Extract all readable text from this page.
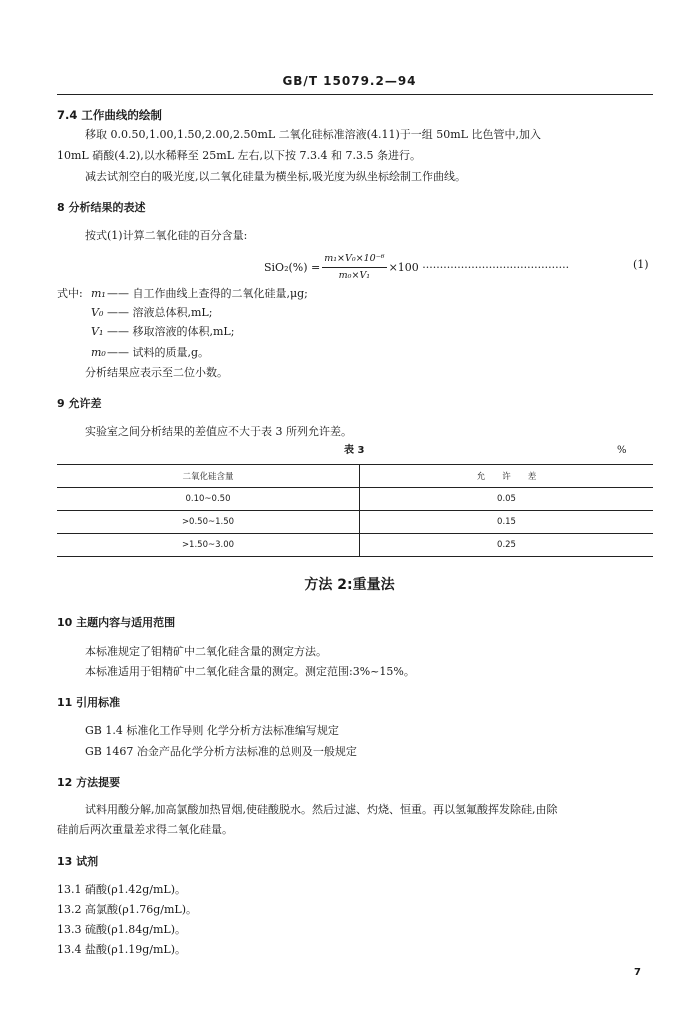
GB/T 15079.2—94
7.4 工作曲线的绘制
移取 0.0.50,1.00,1.50,2.00,2.50mL 二氧化硅标准溶液(4.11)于一组 50mL 比色管中,加入
10mL 硝酸(4.2),以水稀释至 25mL 左右,以下按 7.3.4 和 7.3.5 条进行。
减去试剂空白的吸光度,以二氧化硅量为横坐标,吸光度为纵坐标绘制工作曲线。
8 分析结果的表述
按式(1)计算二氧化硅的百分含量:
$SiO_2(\%) = \frac{\text{m₁×V₀×10⁻⁶}}{\text{m₀×V₁}} \times 100$ ··········································	(1)
式中: m₁ —— 自工作曲线上查得的二氧化硅量,μg;
V₀ —— 溶液总体积,mL;
V₁ —— 移取溶液的体积,mL;
m₀ —— 试料的质量,g。
分析结果应表示至二位小数。
9 允许差
实验室之间分析结果的差值应不大于表 3 所列允许差。
表 3	%
二氧化硅含量	允　　许　　差
0.10~0.50	0.05
>0.50~1.50	0.15
>1.50~3.00	0.25
方法 2:重量法
10 主题内容与适用范围
本标准规定了钼精矿中二氧化硅含量的测定方法。
本标准适用于钼精矿中二氧化硅含量的测定。测定范围:3%~15%。
11 引用标准
GB 1.4 标准化工作导则 化学分析方法标准编写规定
GB 1467 冶金产品化学分析方法标准的总则及一般规定
12 方法提要
试料用酸分解,加高氯酸加热冒烟,使硅酸脱水。然后过滤、灼烧、恒重。再以氢氟酸挥发除硅,由除
硅前后两次重量差求得二氧化硅量。
13 试剂
13.1 硝酸(ρ1.42g/mL)。
13.2 高氯酸(ρ1.76g/mL)。
13.3 硫酸(ρ1.84g/mL)。
13.4 盐酸(ρ1.19g/mL)。
7
